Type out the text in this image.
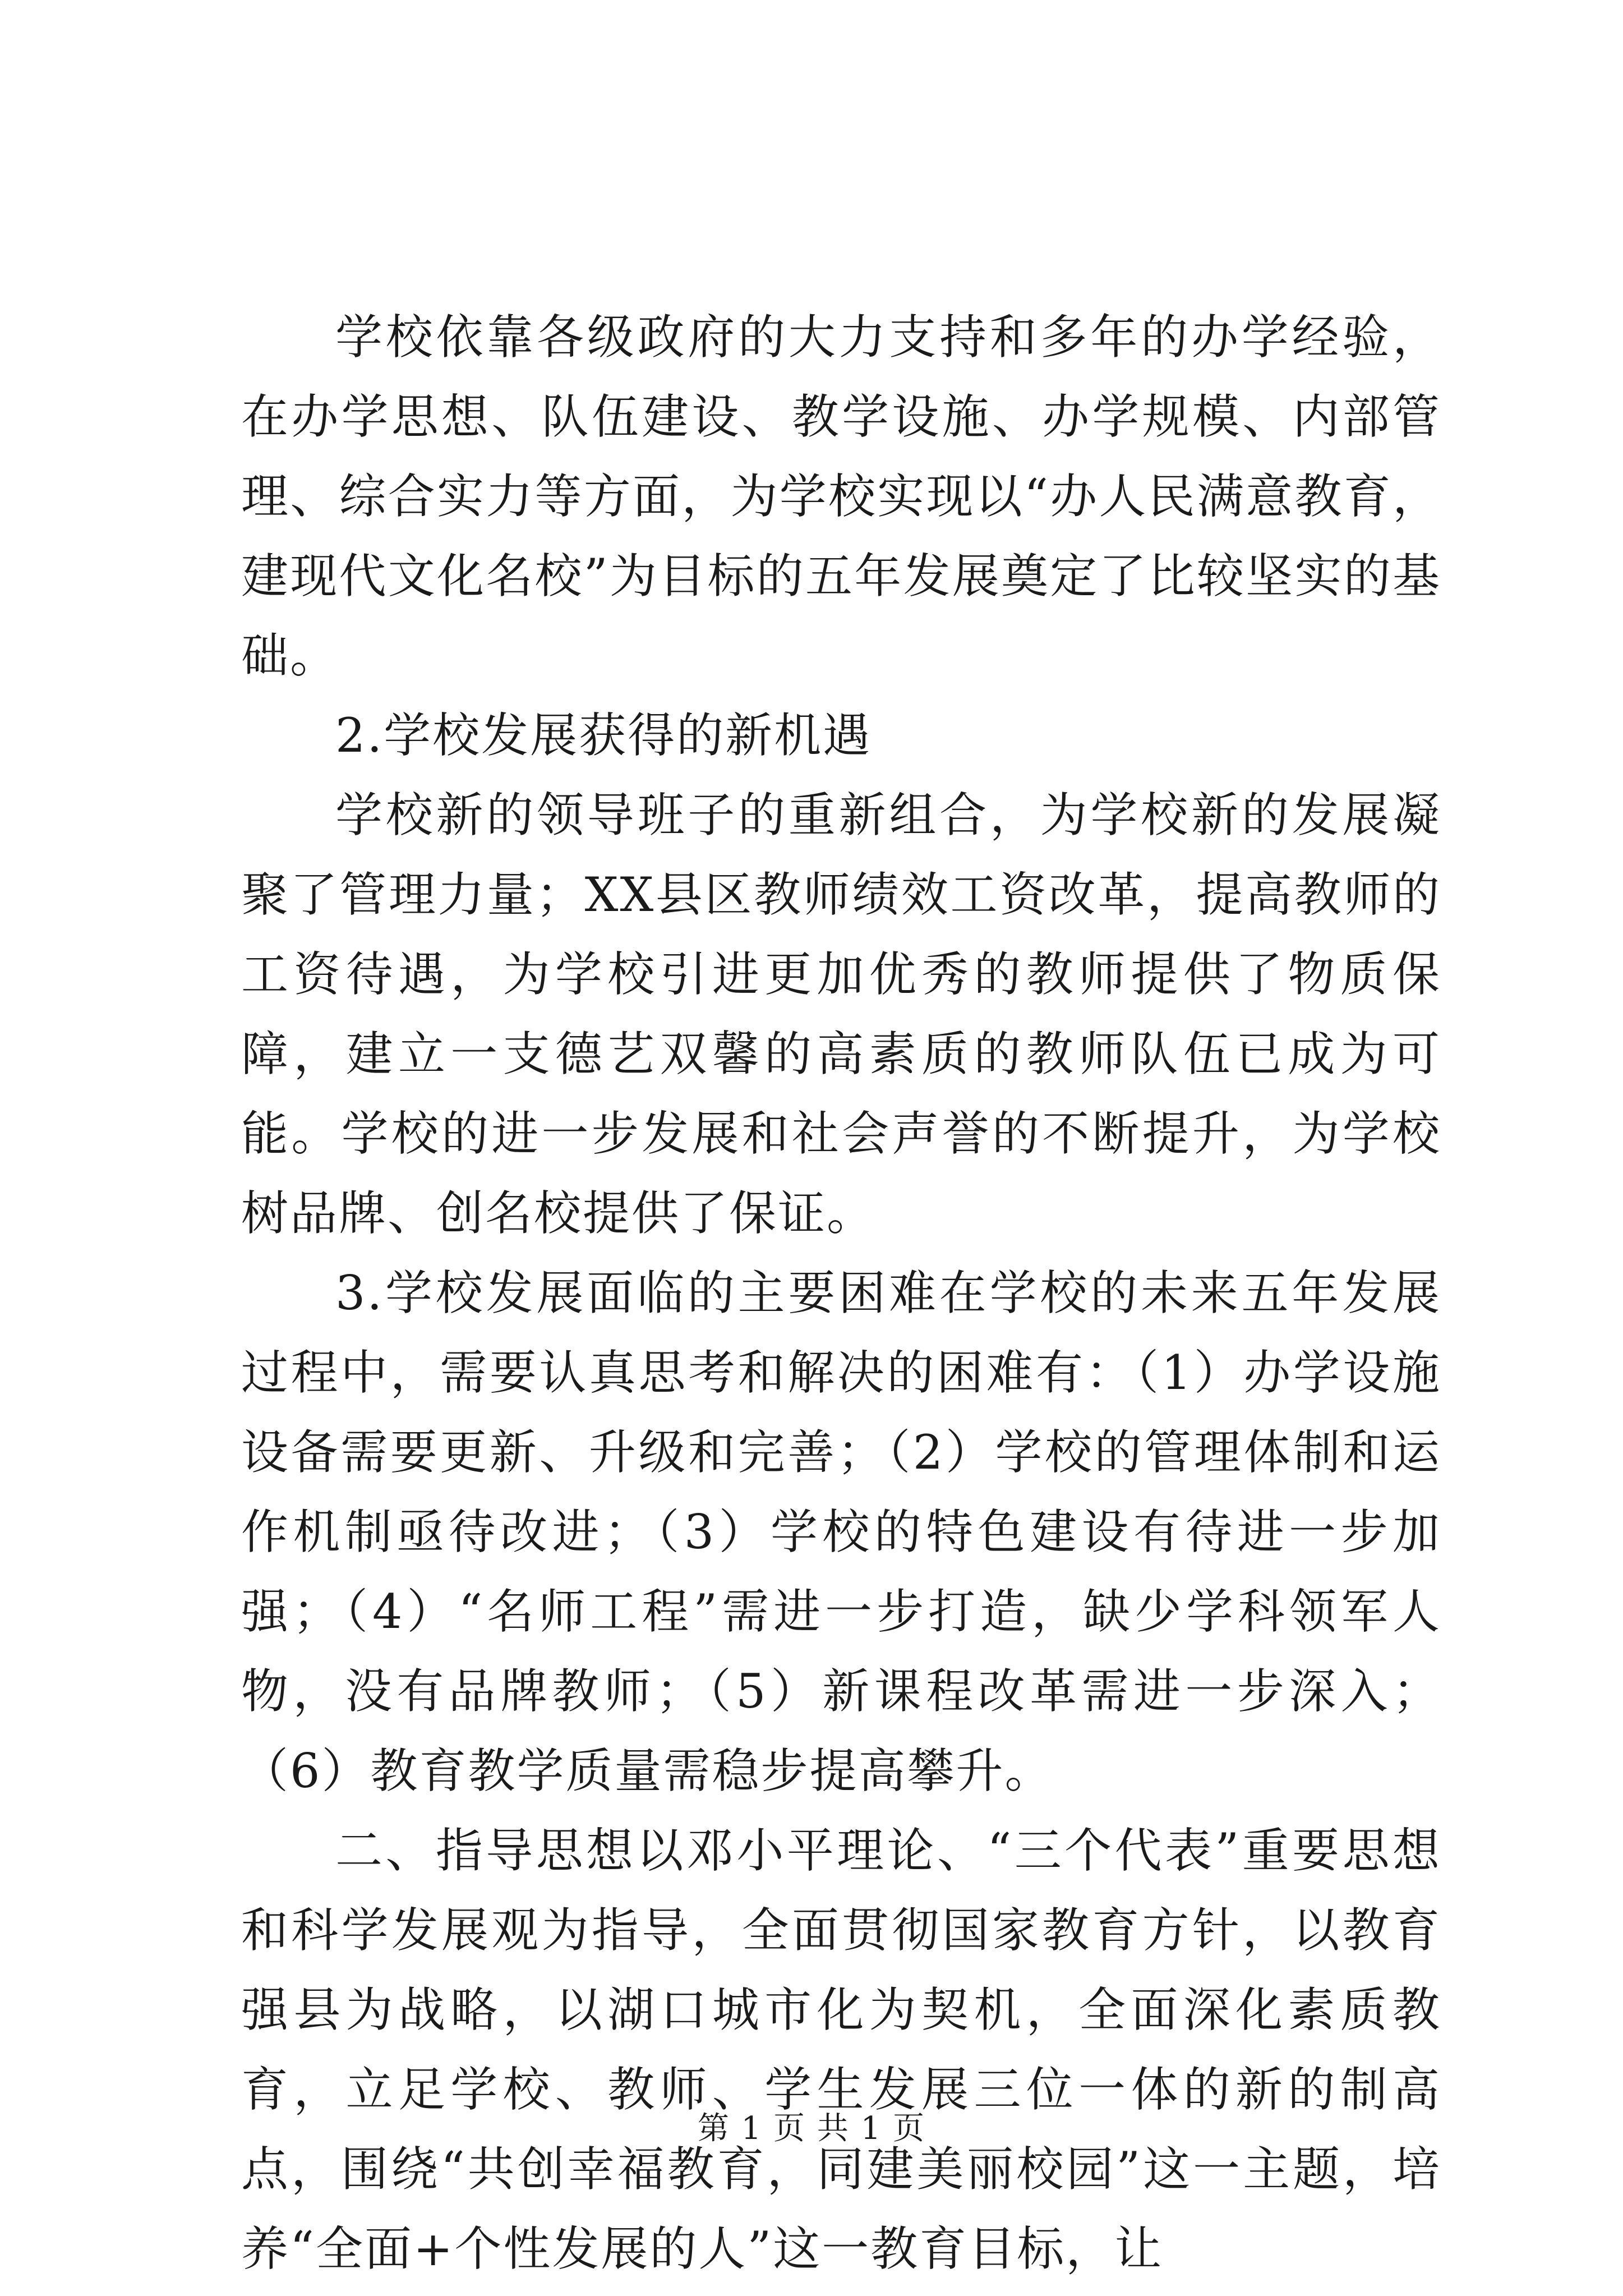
学校依靠各级政府的大力支持和多年的办学经验，在办学思想、队伍建设、教学设施、办学规模、内部管理、综合实力等方面，为学校实现以“办人民满意教育，建现代文化名校”为目标的五年发展奠定了比较坚实的基础。

2.学校发展获得的新机遇

学校新的领导班子的重新组合，为学校新的发展凝聚了管理力量；XX县区教师绩效工资改革，提高教师的工资待遇，为学校引进更加优秀的教师提供了物质保障，建立一支德艺双馨的高素质的教师队伍已成为可能。学校的进一步发展和社会声誉的不断提升，为学校树品牌、创名校提供了保证。

3.学校发展面临的主要困难在学校的未来五年发展过程中，需要认真思考和解决的困难有：（1）办学设施设备需要更新、升级和完善；（2）学校的管理体制和运作机制亟待改进；（3）学校的特色建设有待进一步加强；（4）“名师工程”需进一步打造，缺少学科领军人物，没有品牌教师；（5）新课程改革需进一步深入；（6）教育教学质量需稳步提高攀升。

二、指导思想以邓小平理论、“三个代表”重要思想和科学发展观为指导，全面贯彻国家教育方针，以教育强县为战略，以湖口城市化为契机，全面深化素质教育，立足学校、教师、学生发展三位一体的新的制高点，围绕“共创幸福教育，同建美丽校园”这一主题，培养“全面+个性发展的人”这一教育目标，让

第 1 页 共 1 页
